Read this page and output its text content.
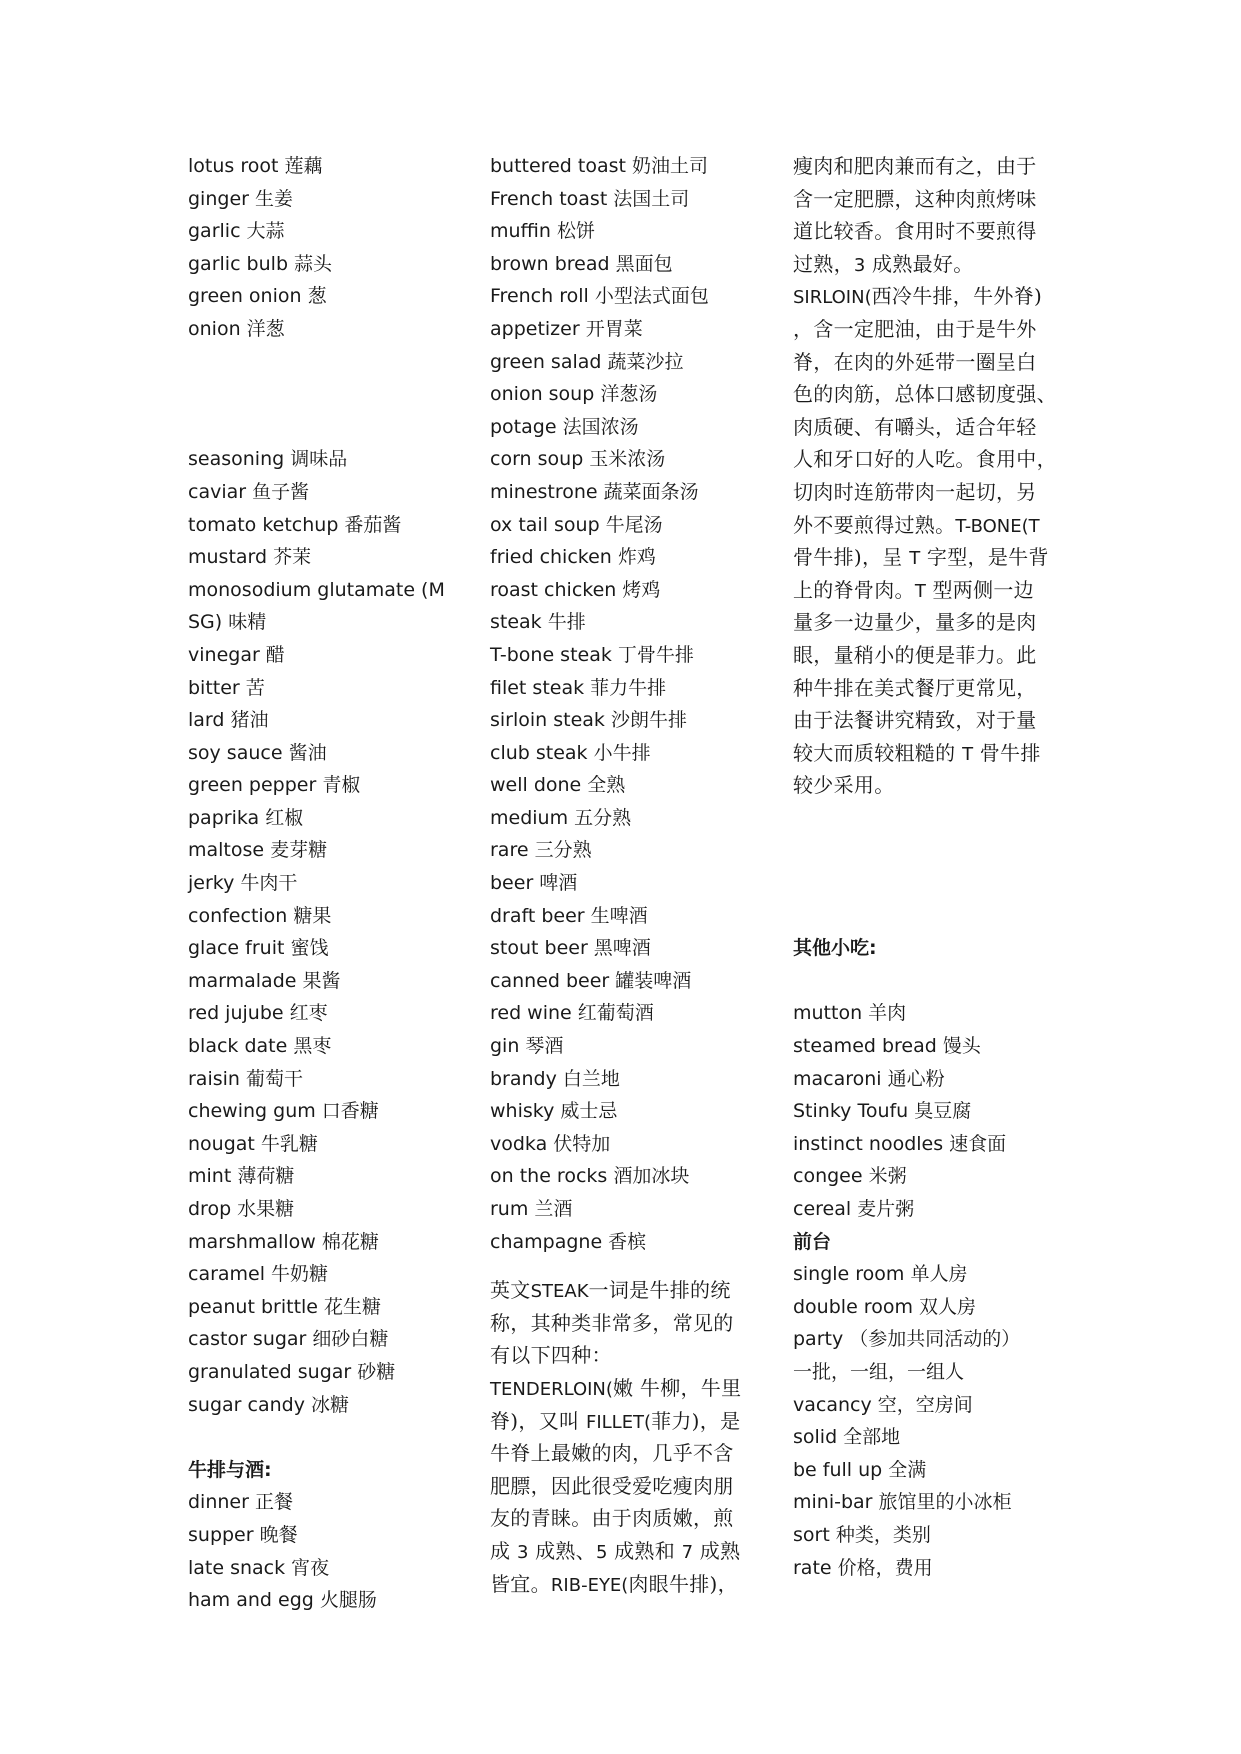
lotus root 莲藕
ginger 生姜
garlic 大蒜
garlic bulb 蒜头
green onion 葱
onion 洋葱
seasoning 调味品
caviar 鱼子酱
tomato ketchup 番茄酱
mustard 芥茉
monosodium glutamate (M
SG) 味精
vinegar 醋
bitter 苦
lard 猪油
soy sauce 酱油
green pepper 青椒
paprika 红椒
maltose 麦芽糖
jerky 牛肉干
confection 糖果
glace fruit 蜜饯
marmalade 果酱
red jujube 红枣
black date 黑枣
raisin 葡萄干
chewing gum 口香糖
nougat 牛乳糖
mint 薄荷糖
drop 水果糖
marshmallow 棉花糖
caramel 牛奶糖
peanut brittle 花生糖
castor sugar 细砂白糖
granulated sugar 砂糖
sugar candy 冰糖
牛排与酒:
dinner 正餐
supper 晚餐
late snack 宵夜
ham and egg 火腿肠
buttered toast 奶油土司
French toast 法国土司
muffin 松饼
brown bread 黑面包
French roll 小型法式面包
appetizer 开胃菜
green salad 蔬菜沙拉
onion soup 洋葱汤
potage 法国浓汤
corn soup 玉米浓汤
minestrone 蔬菜面条汤
ox tail soup 牛尾汤
fried chicken 炸鸡
roast chicken 烤鸡
steak 牛排
T-bone steak 丁骨牛排
filet steak 菲力牛排
sirloin steak 沙朗牛排
club steak 小牛排
well done 全熟
medium 五分熟
rare 三分熟
beer 啤酒
draft beer 生啤酒
stout beer 黑啤酒
canned beer 罐装啤酒
red wine 红葡萄酒
gin 琴酒
brandy 白兰地
whisky 威士忌
vodka 伏特加
on the rocks 酒加冰块
rum 兰酒
champagne 香槟
英文STEAK一词是牛排的统
称，其种类非常多，常见的
有以下四种：
TENDERLOIN(嫩 牛柳，牛里
脊)，又叫 FILLET(菲力)，是
牛脊上最嫩的肉，几乎不含
肥膘，因此很受爱吃瘦肉朋
友的青睐。由于肉质嫩，煎
成 3 成熟、5 成熟和 7 成熟
皆宜。RIB-EYE(肉眼牛排)，
瘦肉和肥肉兼而有之，由于
含一定肥膘，这种肉煎烤味
道比较香。食用时不要煎得
过熟，3 成熟最好。
SIRLOIN(西冷牛排，牛外脊)
，含一定肥油，由于是牛外
脊，在肉的外延带一圈呈白
色的肉筋，总体口感韧度强、
肉质硬、有嚼头，适合年轻
人和牙口好的人吃。食用中，
切肉时连筋带肉一起切，另
外不要煎得过熟。T-BONE(T
骨牛排)，呈 T 字型，是牛背
上的脊骨肉。T 型两侧一边
量多一边量少，量多的是肉
眼，量稍小的便是菲力。此
种牛排在美式餐厅更常见，
由于法餐讲究精致，对于量
较大而质较粗糙的 T 骨牛排
较少采用。
其他小吃:
mutton 羊肉
steamed bread 馒头
macaroni 通心粉
Stinky Toufu 臭豆腐
instinct noodles 速食面
congee 米粥
cereal 麦片粥
前台
single room 单人房
double room 双人房
party （参加共同活动的）
一批，一组，一组人
vacancy 空，空房间
solid 全部地
be full up 全满
mini-bar 旅馆里的小冰柜
sort 种类，类别
rate 价格，费用
